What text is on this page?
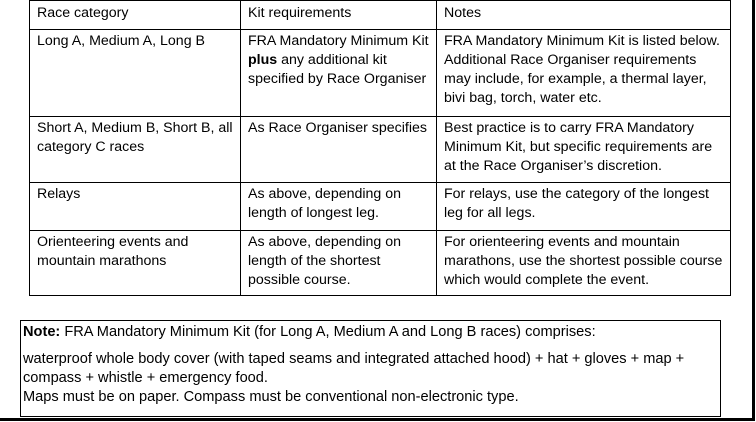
Race category	Kit requirements	Notes
Long A, Medium A, Long B	FRA Mandatory Minimum Kit plus any additional kit specified by Race Organiser	FRA Mandatory Minimum Kit is listed below. Additional Race Organiser requirements may include, for example, a thermal layer, bivi bag, torch, water etc.
Short A, Medium B, Short B, all category C races	As Race Organiser specifies	Best practice is to carry FRA Mandatory Minimum Kit, but specific requirements are at the Race Organiser’s discretion.
Relays	As above, depending on length of longest leg.	For relays, use the category of the longest leg for all legs.
Orienteering events and mountain marathons	As above, depending on length of the shortest possible course.	For orienteering events and mountain marathons, use the shortest possible course which would complete the event.
Note: FRA Mandatory Minimum Kit (for Long A, Medium A and Long B races) comprises:
waterproof whole body cover (with taped seams and integrated attached hood) + hat + gloves + map + compass + whistle + emergency food.
Maps must be on paper. Compass must be conventional non-electronic type.
